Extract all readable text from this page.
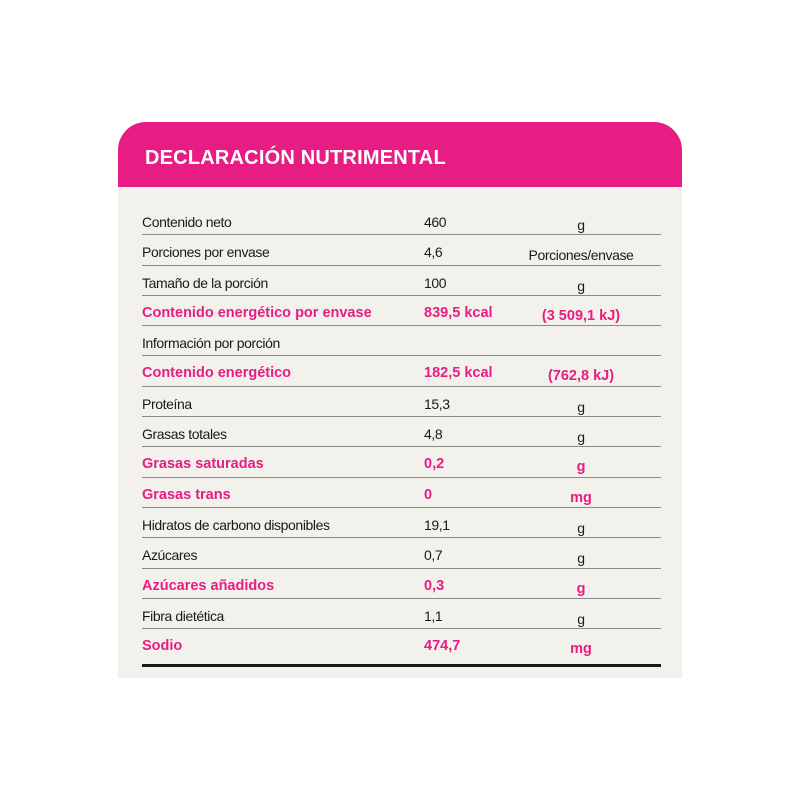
DECLARACIÓN NUTRIMENTAL
Contenido neto	460	g
Porciones por envase	4,6	Porciones/envase
Tamaño de la porción	100	g
Contenido energético por envase	839,5 kcal	(3 509,1 kJ)
Información por porción
Contenido energético	182,5 kcal	(762,8 kJ)
Proteína	15,3	g
Grasas totales	4,8	g
Grasas saturadas	0,2	g
Grasas trans	0	mg
Hidratos de carbono disponibles	19,1	g
Azúcares	0,7	g
Azúcares añadidos	0,3	g
Fibra dietética	1,1	g
Sodio	474,7	mg
